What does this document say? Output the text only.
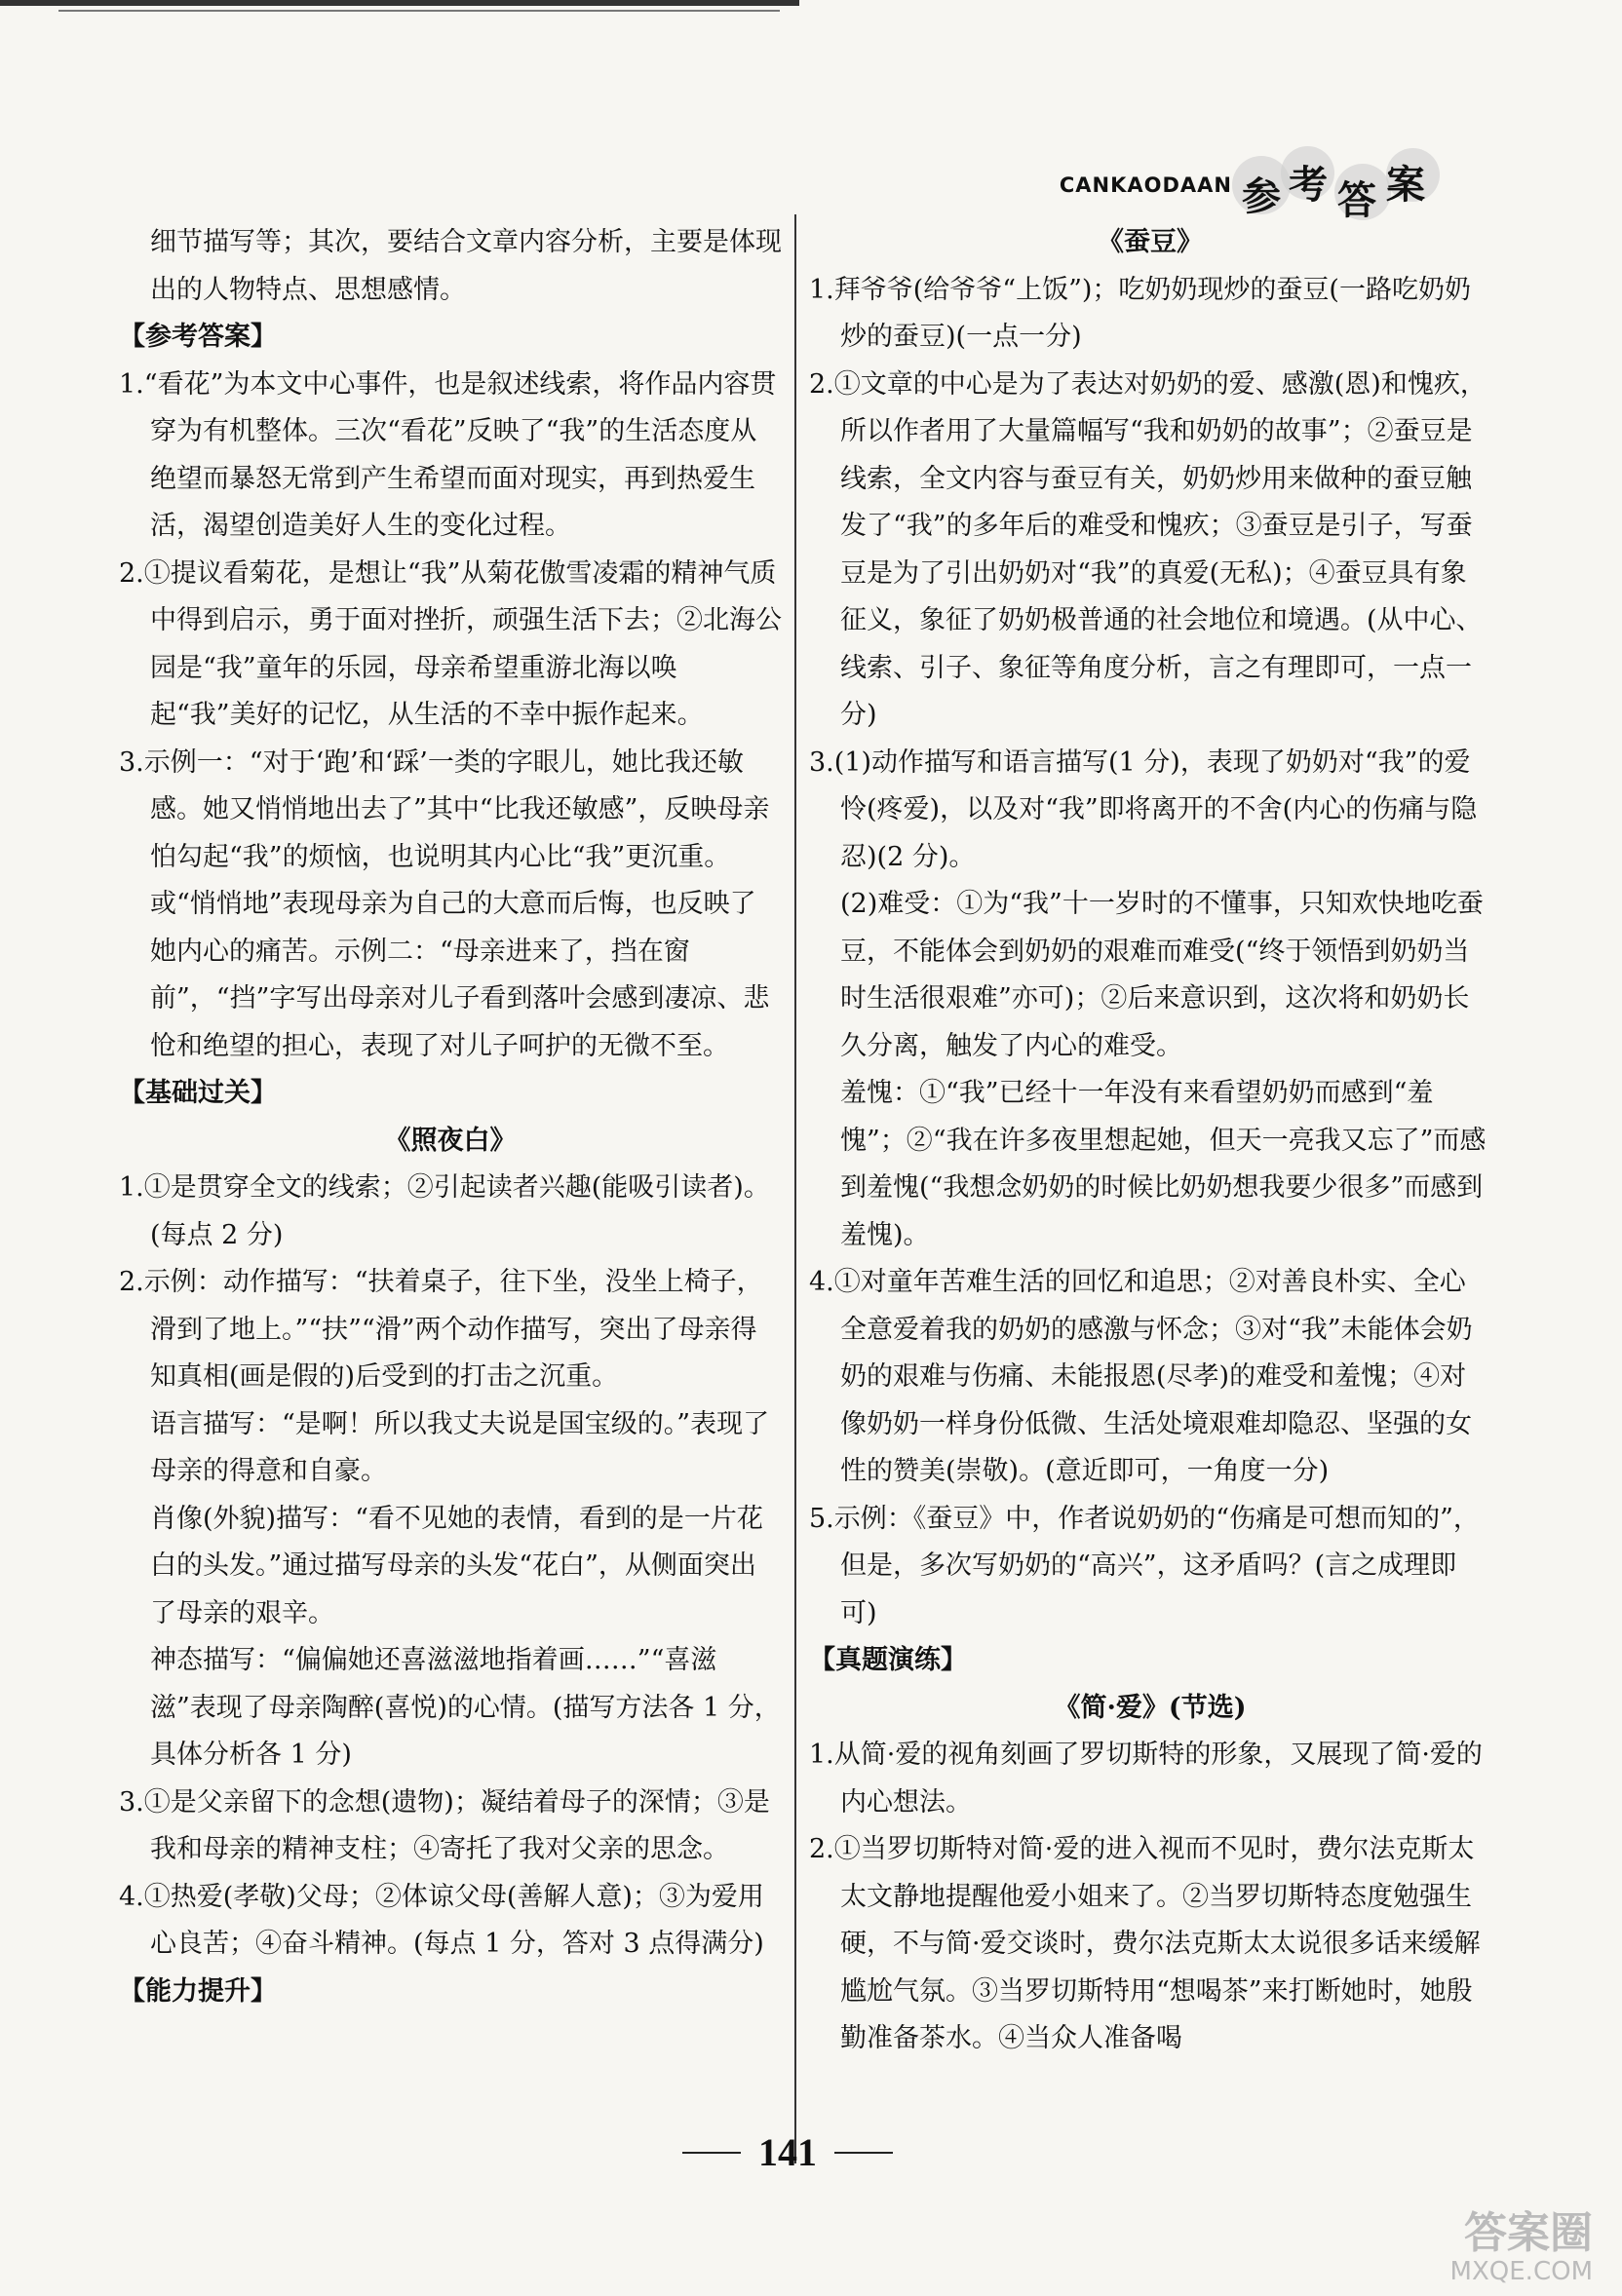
CANKAODAAN 参 考 答 案

细节描写等；其次，要结合文章内容分析，主要是体现出的人物特点、思想感情。

【参考答案】

1.“看花”为本文中心事件，也是叙述线索，将作品内容贯穿为有机整体。三次“看花”反映了“我”的生活态度从绝望而暴怒无常到产生希望而面对现实，再到热爱生活，渴望创造美好人生的变化过程。

2.①提议看菊花，是想让“我”从菊花傲雪凌霜的精神气质中得到启示，勇于面对挫折，顽强生活下去；②北海公园是“我”童年的乐园，母亲希望重游北海以唤起“我”美好的记忆，从生活的不幸中振作起来。

3.示例一：“对于‘跑’和‘踩’一类的字眼儿，她比我还敏感。她又悄悄地出去了”其中“比我还敏感”，反映母亲怕勾起“我”的烦恼，也说明其内心比“我”更沉重。或“悄悄地”表现母亲为自己的大意而后悔，也反映了她内心的痛苦。示例二：“母亲进来了，挡在窗前”，“挡”字写出母亲对儿子看到落叶会感到凄凉、悲怆和绝望的担心，表现了对儿子呵护的无微不至。

【基础过关】

《照夜白》

1.①是贯穿全文的线索；②引起读者兴趣(能吸引读者)。(每点 2 分)

2.示例：动作描写：“扶着桌子，往下坐，没坐上椅子，滑到了地上。”“扶”“滑”两个动作描写，突出了母亲得知真相(画是假的)后受到的打击之沉重。

语言描写：“是啊！所以我丈夫说是国宝级的。”表现了母亲的得意和自豪。

肖像(外貌)描写：“看不见她的表情，看到的是一片花白的头发。”通过描写母亲的头发“花白”，从侧面突出了母亲的艰辛。

神态描写：“偏偏她还喜滋滋地指着画……”“喜滋滋”表现了母亲陶醉(喜悦)的心情。(描写方法各 1 分，具体分析各 1 分)

3.①是父亲留下的念想(遗物)；凝结着母子的深情；③是我和母亲的精神支柱；④寄托了我对父亲的思念。

4.①热爱(孝敬)父母；②体谅父母(善解人意)；③为爱用心良苦；④奋斗精神。(每点 1 分，答对 3 点得满分)

【能力提升】

《蚕豆》

1.拜爷爷(给爷爷“上饭”)；吃奶奶现炒的蚕豆(一路吃奶奶炒的蚕豆)(一点一分)

2.①文章的中心是为了表达对奶奶的爱、感激(恩)和愧疚，所以作者用了大量篇幅写“我和奶奶的故事”；②蚕豆是线索，全文内容与蚕豆有关，奶奶炒用来做种的蚕豆触发了“我”的多年后的难受和愧疚；③蚕豆是引子，写蚕豆是为了引出奶奶对“我”的真爱(无私)；④蚕豆具有象征义，象征了奶奶极普通的社会地位和境遇。(从中心、线索、引子、象征等角度分析，言之有理即可，一点一分)

3.(1)动作描写和语言描写(1 分)，表现了奶奶对“我”的爱怜(疼爱)，以及对“我”即将离开的不舍(内心的伤痛与隐忍)(2 分)。

(2)难受：①为“我”十一岁时的不懂事，只知欢快地吃蚕豆，不能体会到奶奶的艰难而难受(“终于领悟到奶奶当时生活很艰难”亦可)；②后来意识到，这次将和奶奶长久分离，触发了内心的难受。

羞愧：①“我”已经十一年没有来看望奶奶而感到“羞愧”；②“我在许多夜里想起她，但天一亮我又忘了”而感到羞愧(“我想念奶奶的时候比奶奶想我要少很多”而感到羞愧)。

4.①对童年苦难生活的回忆和追思；②对善良朴实、全心全意爱着我的奶奶的感激与怀念；③对“我”未能体会奶奶的艰难与伤痛、未能报恩(尽孝)的难受和羞愧；④对像奶奶一样身份低微、生活处境艰难却隐忍、坚强的女性的赞美(崇敬)。(意近即可，一角度一分)

5.示例：《蚕豆》中，作者说奶奶的“伤痛是可想而知的”，但是，多次写奶奶的“高兴”，这矛盾吗？(言之成理即可)

【真题演练】

《简·爱》(节选)

1.从简·爱的视角刻画了罗切斯特的形象，又展现了简·爱的内心想法。

2.①当罗切斯特对简·爱的进入视而不见时，费尔法克斯太太文静地提醒他爱小姐来了。②当罗切斯特态度勉强生硬，不与简·爱交谈时，费尔法克斯太太说很多话来缓解尴尬气氛。③当罗切斯特用“想喝茶”来打断她时，她殷勤准备茶水。④当众人准备喝

141
答案圈
MXQE.COM
